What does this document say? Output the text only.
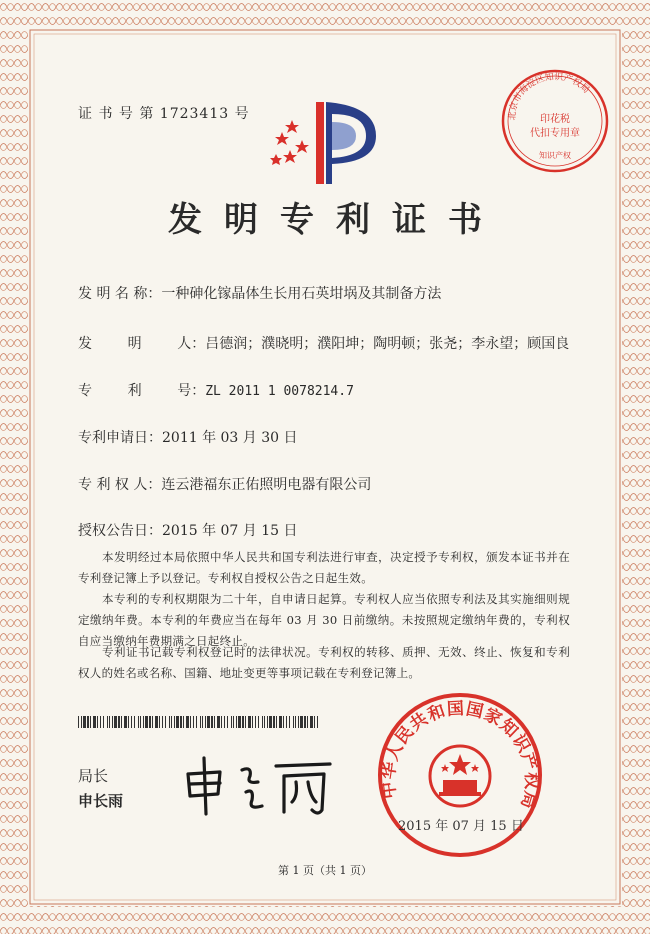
证 书 号 第 1723413 号	北京市海淀区知识产权局
印花税
代扣专用章
知识产权
发明专利证书
发 明 名 称：一种砷化镓晶体生长用石英坩埚及其制备方法
发        明        人：吕德润；濮晓明；濮阳坤；陶明顿；张尧；李永望；顾国良
专        利        号：ZL 2011 1 0078214.7
专利申请日：2011 年 03 月 30 日
专 利 权 人：连云港福东正佑照明电器有限公司
授权公告日：2015 年 07 月 15 日
本发明经过本局依照中华人民共和国专利法进行审查，决定授予专利权，颁发本证书并在专利登记簿上予以登记。专利权自授权公告之日起生效。
本专利的专利权期限为二十年，自申请日起算。专利权人应当依照专利法及其实施细则规定缴纳年费。本专利的年费应当在每年 03 月 30 日前缴纳。未按照规定缴纳年费的，专利权自应当缴纳年费期满之日起终止。
专利证书记载专利权登记时的法律状况。专利权的转移、质押、无效、终止、恢复和专利权人的姓名或名称、国籍、地址变更等事项记载在专利登记簿上。
局长
申长雨
中华人民共和国国家知识产权局
2015 年 07 月 15 日
第 1 页（共 1 页）
